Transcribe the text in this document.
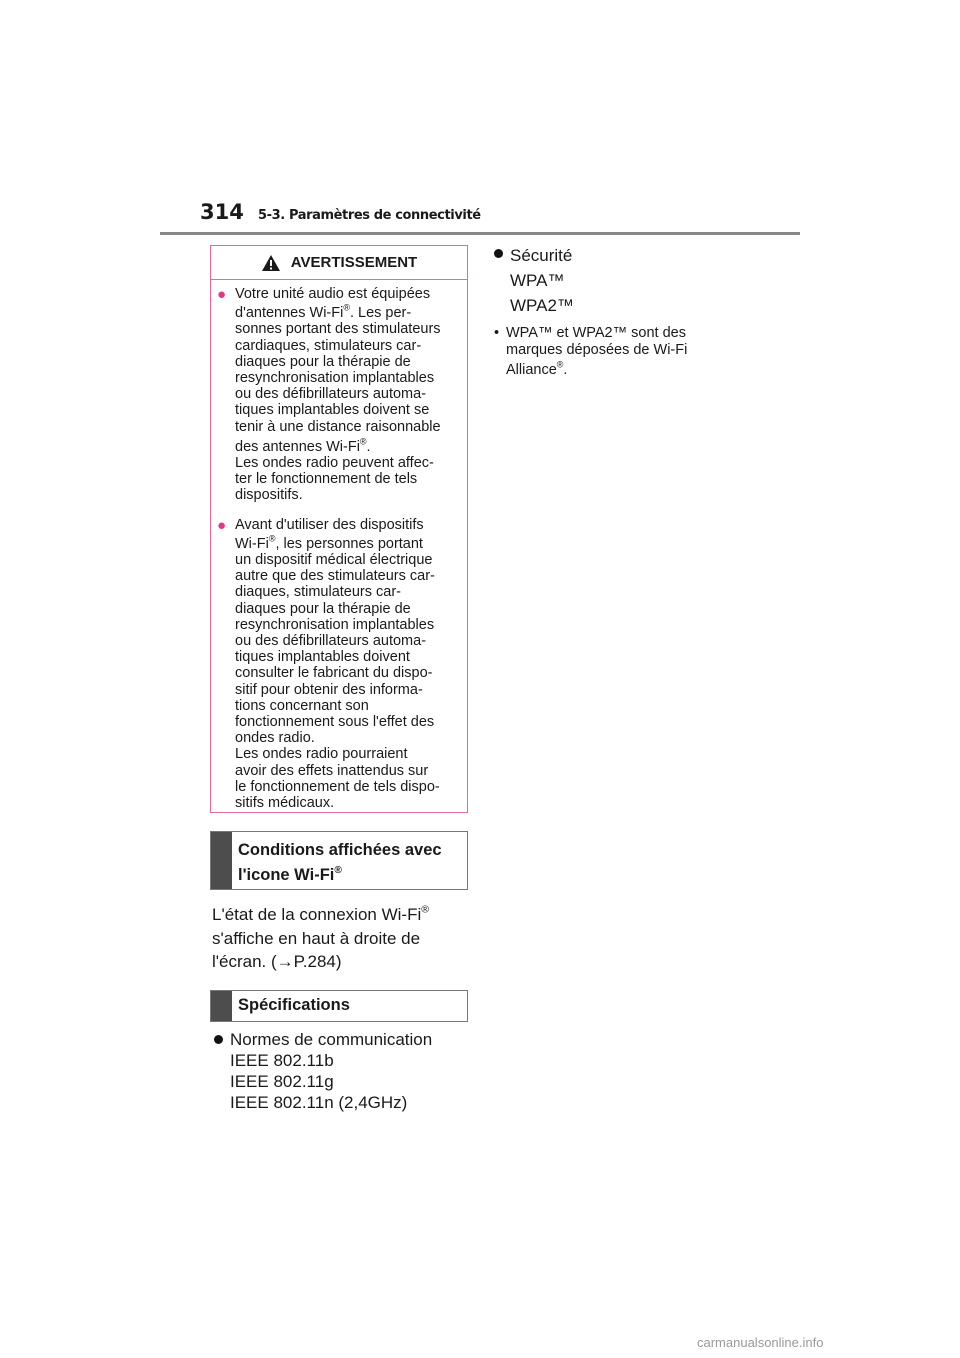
314 5-3. Paramètres de connectivité
AVERTISSEMENT
● Votre unité audio est équipées
d'antennes Wi-Fi®. Les per-
sonnes portant des stimulateurs
cardiaques, stimulateurs car-
diaques pour la thérapie de
resynchronisation implantables
ou des défibrillateurs automa-
tiques implantables doivent se
tenir à une distance raisonnable
des antennes Wi-Fi®.
Les ondes radio peuvent affec-
ter le fonctionnement de tels
dispositifs.
● Avant d'utiliser des dispositifs
Wi-Fi®, les personnes portant
un dispositif médical électrique
autre que des stimulateurs car-
diaques, stimulateurs car-
diaques pour la thérapie de
resynchronisation implantables
ou des défibrillateurs automa-
tiques implantables doivent
consulter le fabricant du dispo-
sitif pour obtenir des informa-
tions concernant son
fonctionnement sous l'effet des
ondes radio.
Les ondes radio pourraient
avoir des effets inattendus sur
le fonctionnement de tels dispo-
sitifs médicaux.
Conditions affichées avec
l'icone Wi-Fi®
L'état de la connexion Wi-Fi®
s'affiche en haut à droite de
l'écran. (→P.284)
Spécifications
Normes de communication
IEEE 802.11b
IEEE 802.11g
IEEE 802.11n (2,4GHz)
Sécurité
WPA™
WPA2™
• WPA™ et WPA2™ sont des
marques déposées de Wi-Fi
Alliance®.
carmanualsonline.info
